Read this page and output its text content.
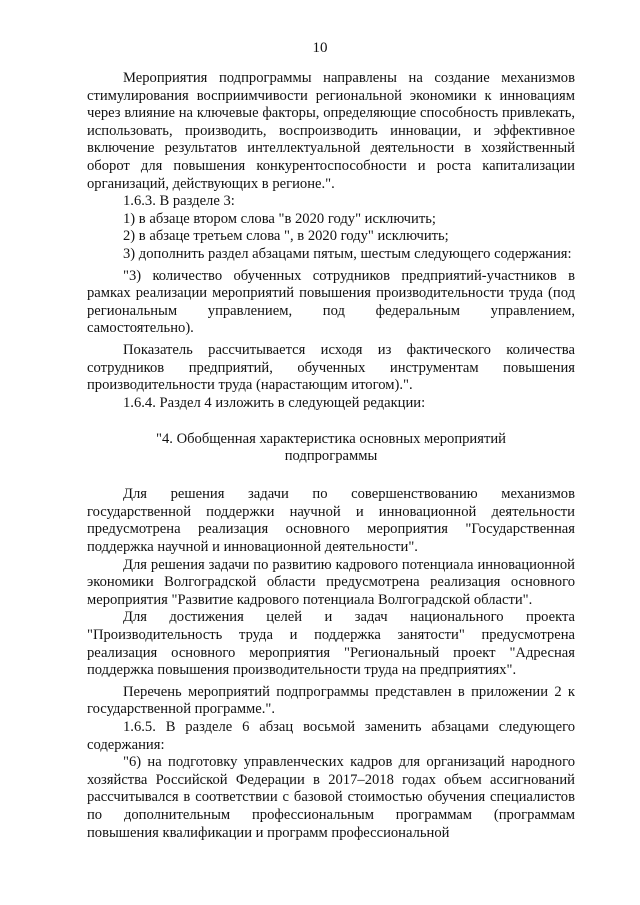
10

Мероприятия подпрограммы направлены на создание механизмов стимулирования восприимчивости региональной экономики к инновациям через влияние на ключевые факторы, определяющие способность привлекать, использовать, производить, воспроизводить инновации, и эффективное включение результатов интеллектуальной деятельности в хозяйственный оборот для повышения конкурентоспособности и роста капитализации организаций, действующих в регионе.".

1.6.3. В разделе 3:

1) в абзаце втором слова "в 2020 году" исключить;

2) в абзаце третьем слова ", в 2020 году" исключить;

3) дополнить раздел абзацами пятым, шестым следующего содержания:

"3) количество обученных сотрудников предприятий-участников в рамках реализации мероприятий повышения производительности труда (под региональным управлением, под федеральным управлением, самостоятельно).

Показатель рассчитывается исходя из фактического количества сотрудников предприятий, обученных инструментам повышения производительности труда (нарастающим итогом).".

1.6.4. Раздел 4 изложить в следующей редакции:

"4. Обобщенная характеристика основных мероприятий
подпрограммы

Для решения задачи по совершенствованию механизмов государственной поддержки научной и инновационной деятельности предусмотрена реализация основного мероприятия "Государственная поддержка научной и инновационной деятельности".

Для решения задачи по развитию кадрового потенциала инновационной экономики Волгоградской области предусмотрена реализация основного мероприятия "Развитие кадрового потенциала Волгоградской области".

Для достижения целей и задач национального проекта "Производительность труда и поддержка занятости" предусмотрена реализация основного мероприятия "Региональный проект "Адресная поддержка повышения производительности труда на предприятиях".

Перечень мероприятий подпрограммы представлен в приложении 2 к государственной программе.".

1.6.5. В разделе 6 абзац восьмой заменить абзацами следующего содержания:

"6) на подготовку управленческих кадров для организаций народного хозяйства Российской Федерации в 2017–2018 годах объем ассигнований рассчитывался в соответствии с базовой стоимостью обучения специалистов по дополнительным профессиональным программам (программам повышения квалификации и программ профессиональной
